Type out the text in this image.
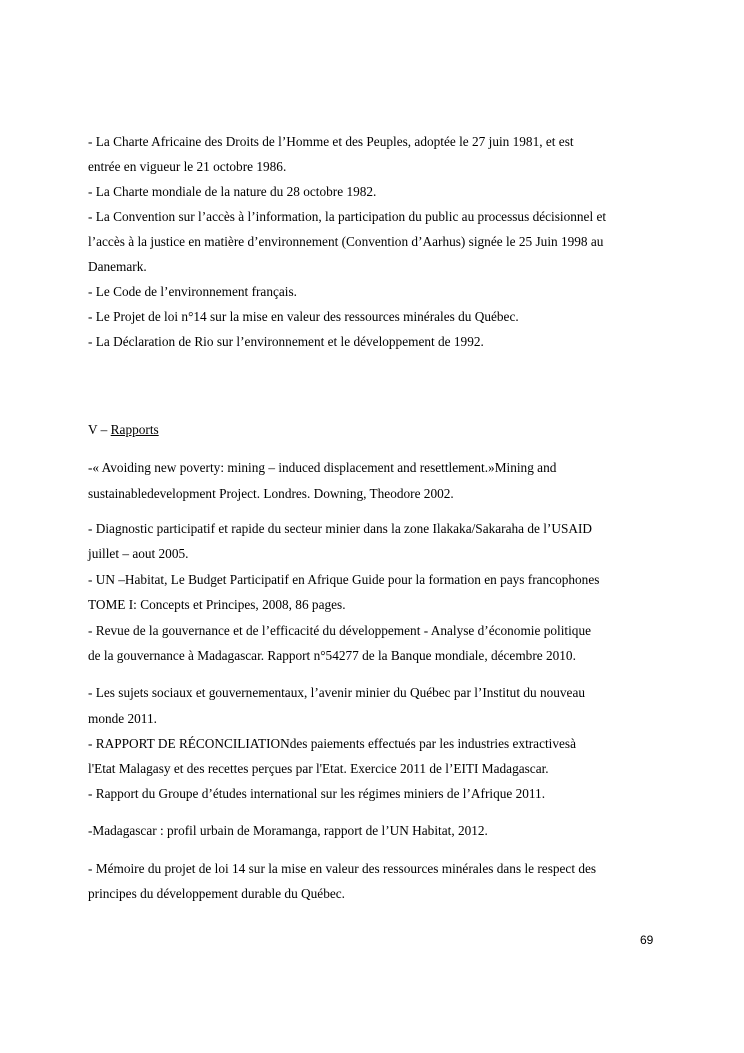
- La Charte Africaine des Droits de l’Homme et des Peuples, adoptée le 27 juin 1981, et est
entrée en vigueur le 21 octobre 1986.
- La Charte mondiale de la nature du 28 octobre 1982.
- La Convention sur l’accès à l’information, la participation du public au processus décisionnel et
l’accès à la justice en matière d’environnement (Convention d’Aarhus) signée le 25 Juin 1998 au
Danemark.
- Le Code de l’environnement français.
- Le Projet de loi n°14 sur la mise en valeur des ressources minérales du Québec.
- La Déclaration de Rio sur l’environnement et le développement de 1992.
V – Rapports
-« Avoiding new poverty: mining – induced displacement and resettlement.»Mining and
sustainabledevelopment Project. Londres. Downing, Theodore 2002.
- Diagnostic participatif et rapide du secteur minier dans la zone Ilakaka/Sakaraha de l’USAID
juillet – aout 2005.
- UN –Habitat, Le Budget Participatif en Afrique Guide pour la formation en pays francophones
TOME I: Concepts et Principes, 2008, 86 pages.
- Revue de la gouvernance et de l’efficacité du développement - Analyse d’économie politique
de la gouvernance à Madagascar. Rapport n°54277 de la Banque mondiale, décembre 2010.
- Les sujets sociaux et gouvernementaux, l’avenir minier du Québec par l’Institut du nouveau
monde 2011.
- RAPPORT DE RÉCONCILIATIONdes paiements effectués par les industries extractivesà
l'Etat Malagasy et des recettes perçues par l'Etat. Exercice 2011 de l’EITI Madagascar.
- Rapport du Groupe d’études international sur les régimes miniers de l’Afrique 2011.
-Madagascar : profil urbain de Moramanga, rapport de l’UN Habitat, 2012.
- Mémoire du projet de loi 14 sur la mise en valeur des ressources minérales dans le respect des
principes du développement durable du Québec.
69
